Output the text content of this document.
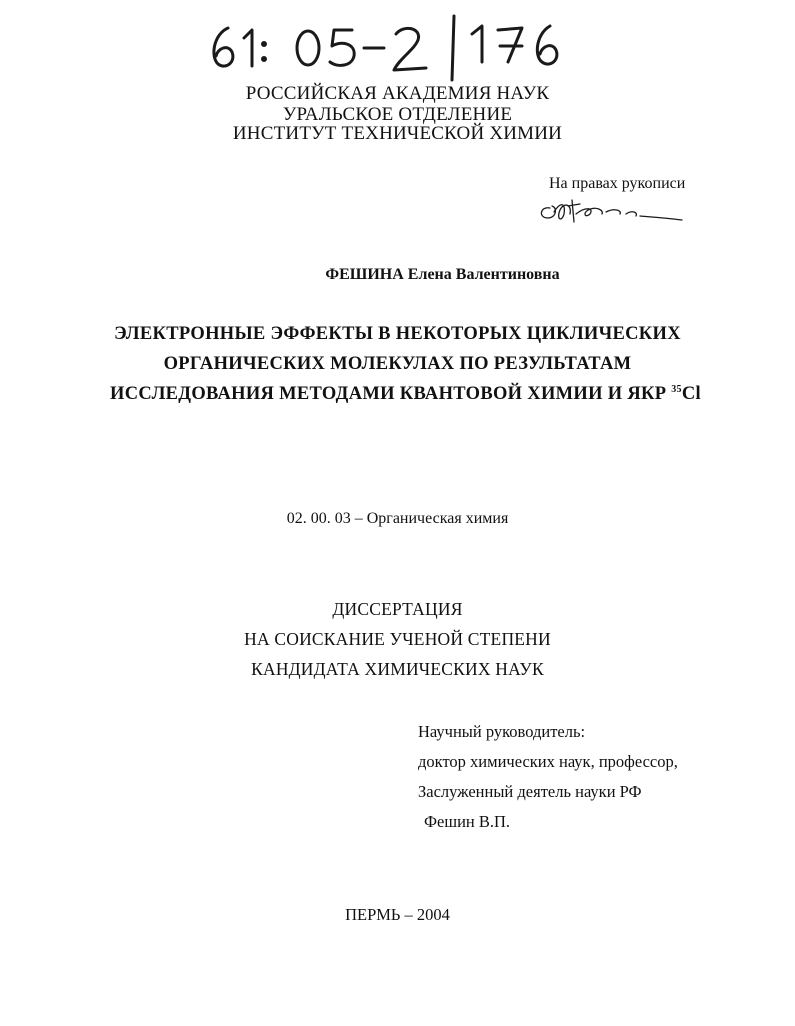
РОССИЙСКАЯ АКАДЕМИЯ НАУК
УРАЛЬСКОЕ ОТДЕЛЕНИЕ
ИНСТИТУТ ТЕХНИЧЕСКОЙ ХИМИИ
На правах рукописи
ФЕШИНА Елена Валентиновна
ЭЛЕКТРОННЫЕ ЭФФЕКТЫ В НЕКОТОРЫХ ЦИКЛИЧЕСКИХ
ОРГАНИЧЕСКИХ МОЛЕКУЛАХ ПО РЕЗУЛЬТАТАМ
ИССЛЕДОВАНИЯ МЕТОДАМИ КВАНТОВОЙ ХИМИИ И ЯКР $^{35}$Cl
02. 00. 03 – Органическая химия
ДИССЕРТАЦИЯ
НА СОИСКАНИЕ УЧЕНОЙ СТЕПЕНИ
КАНДИДАТА ХИМИЧЕСКИХ НАУК
Научный руководитель:
доктор химических наук, профессор,
Заслуженный деятель науки РФ
Фешин В.П.
ПЕРМЬ – 2004
